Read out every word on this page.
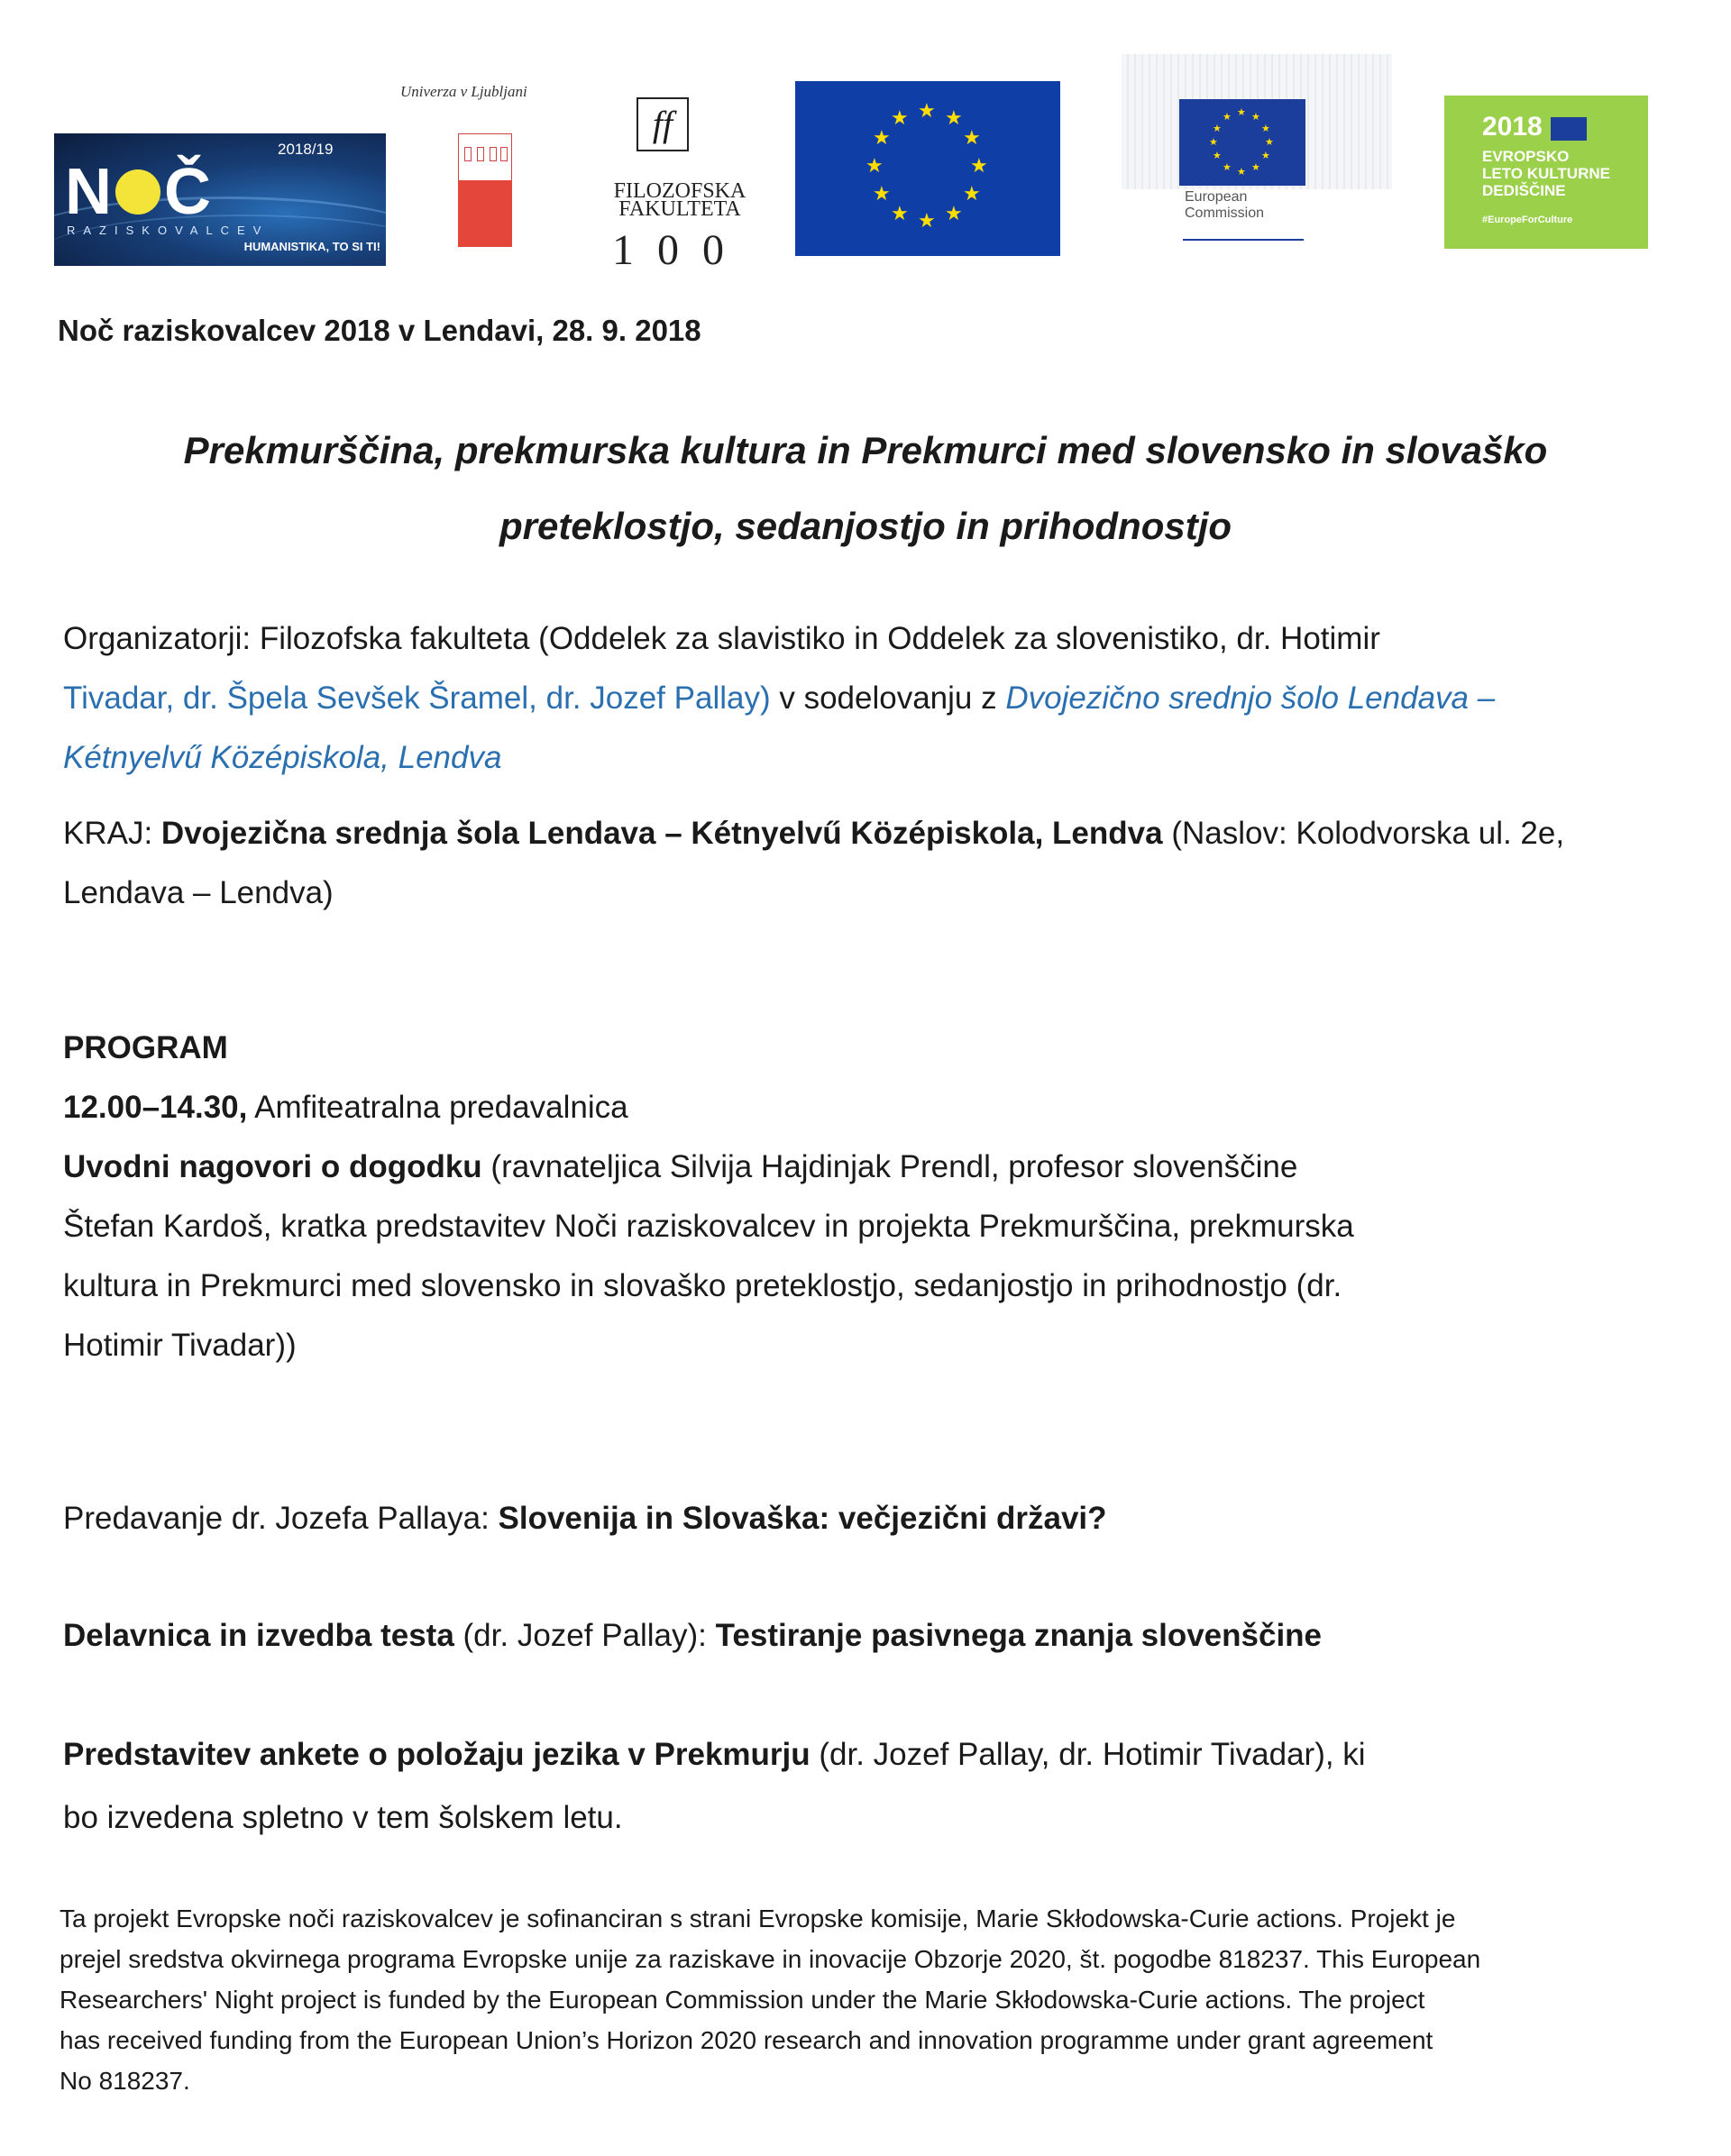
N Č
2018/19
RAZISKOVALCEV
HUMANISTIKA, TO SI TI!
Univerza v Ljubljani
ff
FILOZOFSKA
FAKULTETA
100
★ ★
★
★
★
★
★
★
★
★
★
★	★ ★
★
★
★
★
★
★
★
★
★
★
European
Commission
2018
EVROPSKO
LETO KULTURNE
DEDIŠČINE
#EuropeForCulture
Noč raziskovalcev 2018 v Lendavi, 28. 9. 2018
Prekmurščina, prekmurska kultura in Prekmurci med slovensko in slovaško
preteklostjo, sedanjostjo in prihodnostjo
Organizatorji: Filozofska fakulteta (Oddelek za slavistiko in Oddelek za slovenistiko, dr. Hotimir
Tivadar, dr. Špela Sevšek Šramel, dr. Jozef Pallay) v sodelovanju z Dvojezično srednjo šolo Lendava –
Kétnyelvű Középiskola, Lendva
KRAJ: Dvojezična srednja šola Lendava – Kétnyelvű Középiskola, Lendva (Naslov: Kolodvorska ul. 2e,
Lendava – Lendva)
PROGRAM
12.00–14.30, Amfiteatralna predavalnica
Uvodni nagovori o dogodku (ravnateljica Silvija Hajdinjak Prendl, profesor slovenščine
Štefan Kardoš, kratka predstavitev Noči raziskovalcev in projekta Prekmurščina, prekmurska
kultura in Prekmurci med slovensko in slovaško preteklostjo, sedanjostjo in prihodnostjo (dr.
Hotimir Tivadar))
Predavanje dr. Jozefa Pallaya: Slovenija in Slovaška: večjezični državi?
Delavnica in izvedba testa (dr. Jozef Pallay): Testiranje pasivnega znanja slovenščine
Predstavitev ankete o položaju jezika v Prekmurju (dr. Jozef Pallay, dr. Hotimir Tivadar), ki
bo izvedena spletno v tem šolskem letu.
Ta projekt Evropske noči raziskovalcev je sofinanciran s strani Evropske komisije, Marie Skłodowska-Curie actions. Projekt je
prejel sredstva okvirnega programa Evropske unije za raziskave in inovacije Obzorje 2020, št. pogodbe 818237. This European
Researchers' Night project is funded by the European Commission under the Marie Skłodowska-Curie actions. The project
has received funding from the European Union’s Horizon 2020 research and innovation programme under grant agreement
No 818237.
